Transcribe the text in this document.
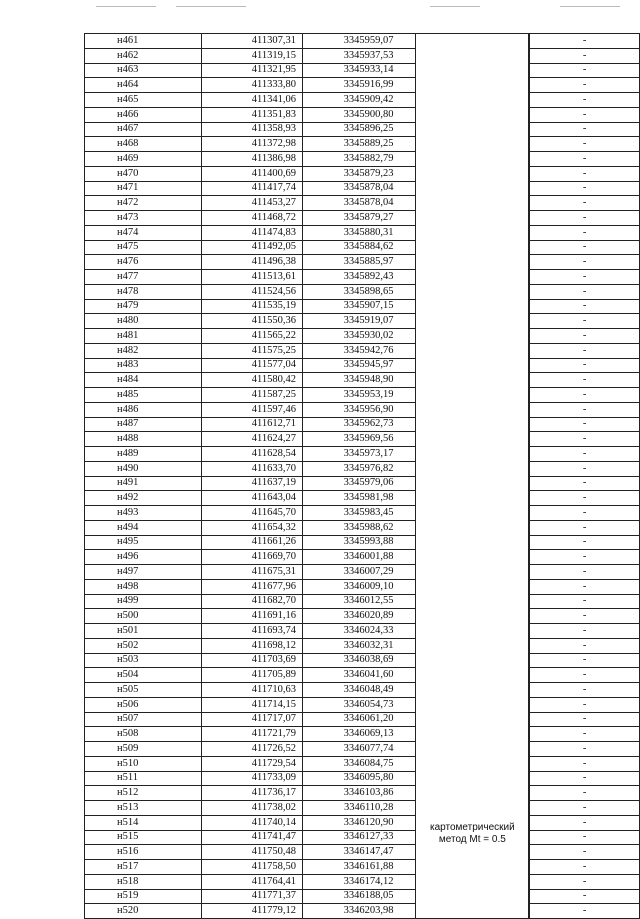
н461	411307,31	3345959,07	картометрический метод Mt = 0.5		-
н462	411319,15	3345937,53		-
н463	411321,95	3345933,14		-
н464	411333,80	3345916,99		-
н465	411341,06	3345909,42		-
н466	411351,83	3345900,80		-
н467	411358,93	3345896,25		-
н468	411372,98	3345889,25		-
н469	411386,98	3345882,79		-
н470	411400,69	3345879,23		-
н471	411417,74	3345878,04		-
н472	411453,27	3345878,04		-
н473	411468,72	3345879,27		-
н474	411474,83	3345880,31		-
н475	411492,05	3345884,62		-
н476	411496,38	3345885,97		-
н477	411513,61	3345892,43		-
н478	411524,56	3345898,65		-
н479	411535,19	3345907,15		-
н480	411550,36	3345919,07		-
н481	411565,22	3345930,02		-
н482	411575,25	3345942,76		-
н483	411577,04	3345945,97		-
н484	411580,42	3345948,90		-
н485	411587,25	3345953,19		-
н486	411597,46	3345956,90		-
н487	411612,71	3345962,73		-
н488	411624,27	3345969,56		-
н489	411628,54	3345973,17		-
н490	411633,70	3345976,82		-
н491	411637,19	3345979,06		-
н492	411643,04	3345981,98		-
н493	411645,70	3345983,45		-
н494	411654,32	3345988,62		-
н495	411661,26	3345993,88		-
н496	411669,70	3346001,88		-
н497	411675,31	3346007,29		-
н498	411677,96	3346009,10		-
н499	411682,70	3346012,55		-
н500	411691,16	3346020,89		-
н501	411693,74	3346024,33		-
н502	411698,12	3346032,31		-
н503	411703,69	3346038,69		-
н504	411705,89	3346041,60		-
н505	411710,63	3346048,49		-
н506	411714,15	3346054,73		-
н507	411717,07	3346061,20		-
н508	411721,79	3346069,13		-
н509	411726,52	3346077,74		-
н510	411729,54	3346084,75		-
н511	411733,09	3346095,80		-
н512	411736,17	3346103,86		-
н513	411738,02	3346110,28		-
н514	411740,14	3346120,90		-
н515	411741,47	3346127,33		-
н516	411750,48	3346147,47		-
н517	411758,50	3346161,88		-
н518	411764,41	3346174,12		-
н519	411771,37	3346188,05		-
н520	411779,12	3346203,98		-
